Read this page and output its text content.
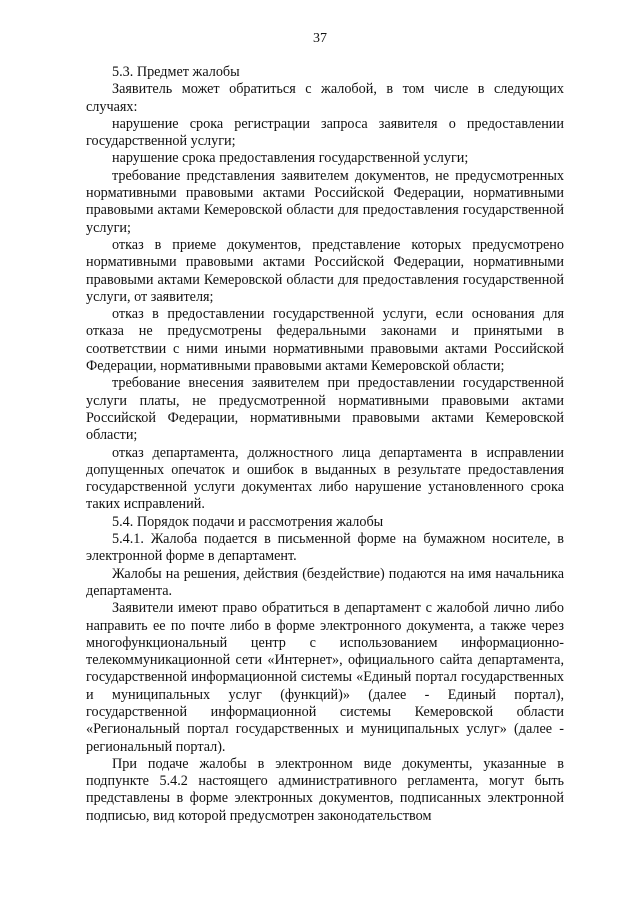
37

5.3. Предмет жалобы

Заявитель может обратиться с жалобой, в том числе в следующих случаях:

нарушение срока регистрации запроса заявителя о предоставлении государственной услуги;

нарушение срока предоставления государственной услуги;

требование представления заявителем документов, не предусмотренных нормативными правовыми актами Российской Федерации, нормативными правовыми актами Кемеровской области для предоставления государственной услуги;

отказ в приеме документов, представление которых предусмотрено нормативными правовыми актами Российской Федерации, нормативными правовыми актами Кемеровской области для предоставления государственной услуги, от заявителя;

отказ в предоставлении государственной услуги, если основания для отказа не предусмотрены федеральными законами и принятыми в соответствии с ними иными нормативными правовыми актами Российской Федерации, нормативными правовыми актами Кемеровской области;

требование внесения заявителем при предоставлении государственной услуги платы, не предусмотренной нормативными правовыми актами Российской Федерации, нормативными правовыми актами Кемеровской области;

отказ департамента, должностного лица департамента в исправлении допущенных опечаток и ошибок в выданных в результате предоставления государственной услуги документах либо нарушение установленного срока таких исправлений.

5.4. Порядок подачи и рассмотрения жалобы

5.4.1. Жалоба подается в письменной форме на бумажном носителе, в электронной форме в департамент.

Жалобы на решения, действия (бездействие) подаются на имя начальника департамента.

Заявители имеют право обратиться в департамент с жалобой лично либо направить ее по почте либо в форме электронного документа, а также через многофункциональный центр с использованием информационно-телекоммуникационной сети «Интернет», официального сайта департамента, государственной информационной системы «Единый портал государственных и муниципальных услуг (функций)» (далее - Единый портал), государственной информационной системы Кемеровской области «Региональный портал государственных и муниципальных услуг» (далее - региональный портал).

При подаче жалобы в электронном виде документы, указанные в подпункте 5.4.2 настоящего административного регламента, могут быть представлены в форме электронных документов, подписанных электронной подписью, вид которой предусмотрен законодательством
